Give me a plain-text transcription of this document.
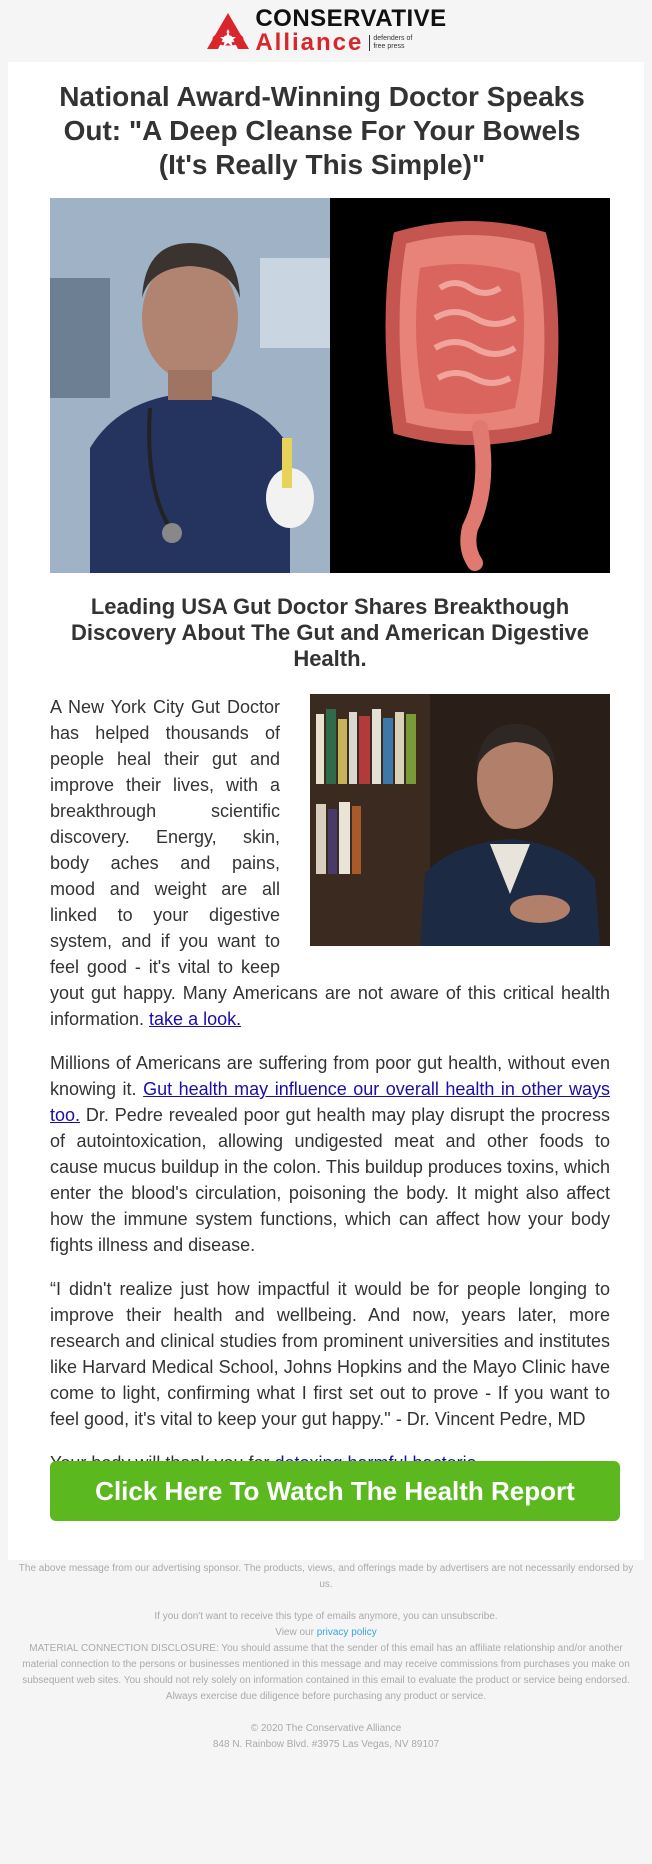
CONSERVATIVE
Alliance	defenders of free press
National Award-Winning Doctor Speaks Out: "A Deep Cleanse For Your Bowels (It's Really This Simple)"
Leading USA Gut Doctor Shares Breakthough Discovery About The Gut and American Digestive Health.

A New York City Gut Doctor has helped thousands of people heal their gut and improve their lives, with a breakthrough scientific discovery. Energy, skin, body aches and pains, mood and weight are all linked to your digestive system, and if you want to feel good - it's vital to keep yout gut happy. Many Americans are not aware of this critical health information. take a look.

Millions of Americans are suffering from poor gut health, without even knowing it. Gut health may influence our overall health in other ways too. Dr. Pedre revealed poor gut health may play disrupt the procress of autointoxication, allowing undigested meat and other foods to cause mucus buildup in the colon. This buildup produces toxins, which enter the blood's circulation, poisoning the body. It might also affect how the immune system functions, which can affect how your body fights illness and disease.

“I didn't realize just how impactful it would be for people longing to improve their health and wellbeing. And now, years later, more research and clinical studies from prominent universities and institutes like Harvard Medical School, Johns Hopkins and the Mayo Clinic have come to light, confirming what I first set out to prove - If you want to feel good, it's vital to keep your gut happy." - Dr. Vincent Pedre, MD

Click Here To Watch The Health Report

The above message from our advertising sponsor. The products, views, and offerings made by advertisers are not necessarily endorsed by us.

If you don't want to receive this type of emails anymore, you can unsubscribe.

View our privacy policy

MATERIAL CONNECTION DISCLOSURE: You should assume that the sender of this email has an affiliate relationship and/or another material connection to the persons or businesses mentioned in this message and may receive commissions from purchases you make on subsequent web sites. You should not rely solely on information contained in this email to evaluate the product or service being endorsed. Always exercise due diligence before purchasing any product or service.

© 2020 The Conservative Alliance

848 N. Rainbow Blvd. #3975 Las Vegas, NV 89107
